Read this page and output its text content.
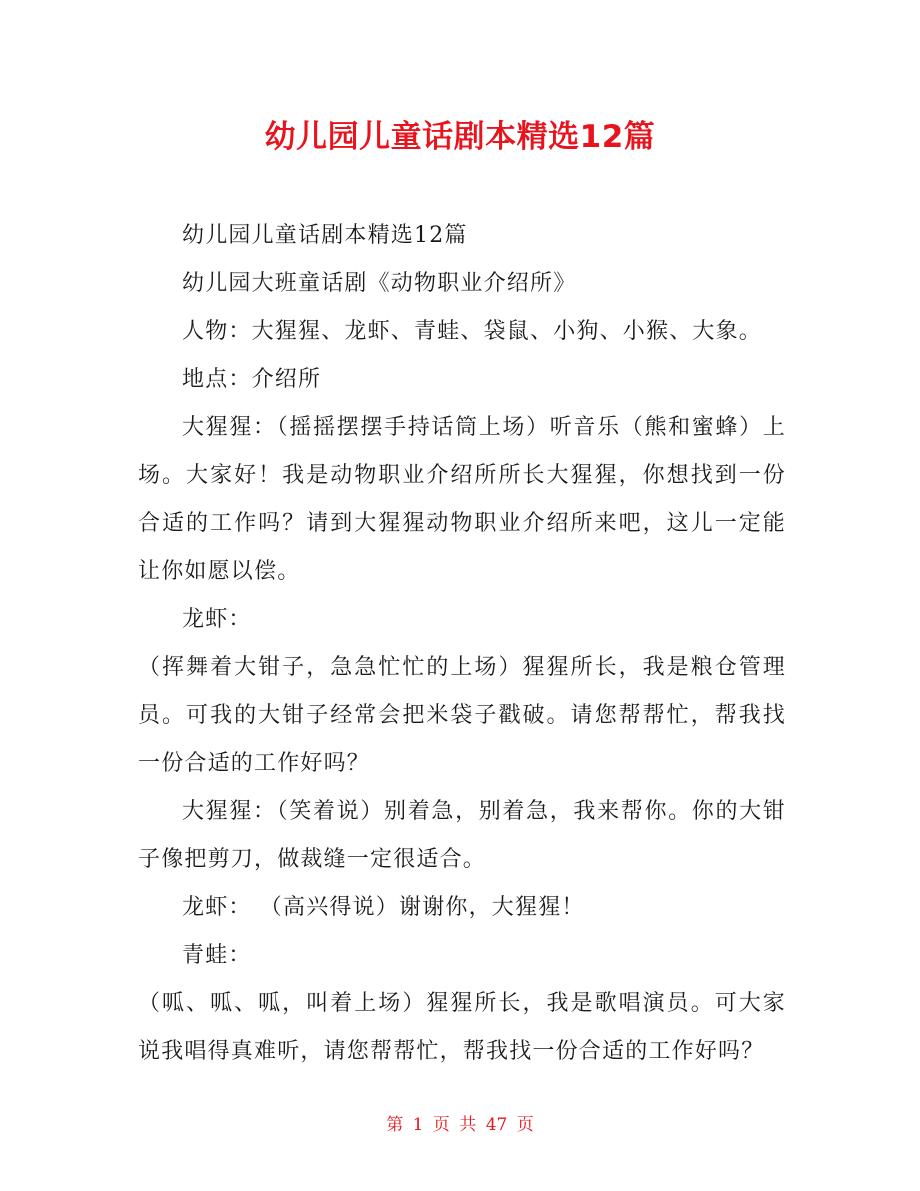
幼儿园儿童话剧本精选12篇

幼儿园儿童话剧本精选12篇

幼儿园大班童话剧《动物职业介绍所》

人物：大猩猩、龙虾、青蛙、袋鼠、小狗、小猴、大象。

地点：介绍所

大猩猩：（摇摇摆摆手持话筒上场）听音乐（熊和蜜蜂）上场。大家好！我是动物职业介绍所所长大猩猩，你想找到一份合适的工作吗？请到大猩猩动物职业介绍所来吧，这儿一定能让你如愿以偿。

龙虾：

（挥舞着大钳子，急急忙忙的上场）猩猩所长，我是粮仓管理员。可我的大钳子经常会把米袋子戳破。请您帮帮忙，帮我找一份合适的工作好吗？

大猩猩：（笑着说）别着急，别着急，我来帮你。你的大钳子像把剪刀，做裁缝一定很适合。

龙虾： （高兴得说）谢谢你，大猩猩！

青蛙：

（呱、呱、呱，叫着上场）猩猩所长，我是歌唱演员。可大家说我唱得真难听，请您帮帮忙，帮我找一份合适的工作好吗？

第 1 页 共 47 页
